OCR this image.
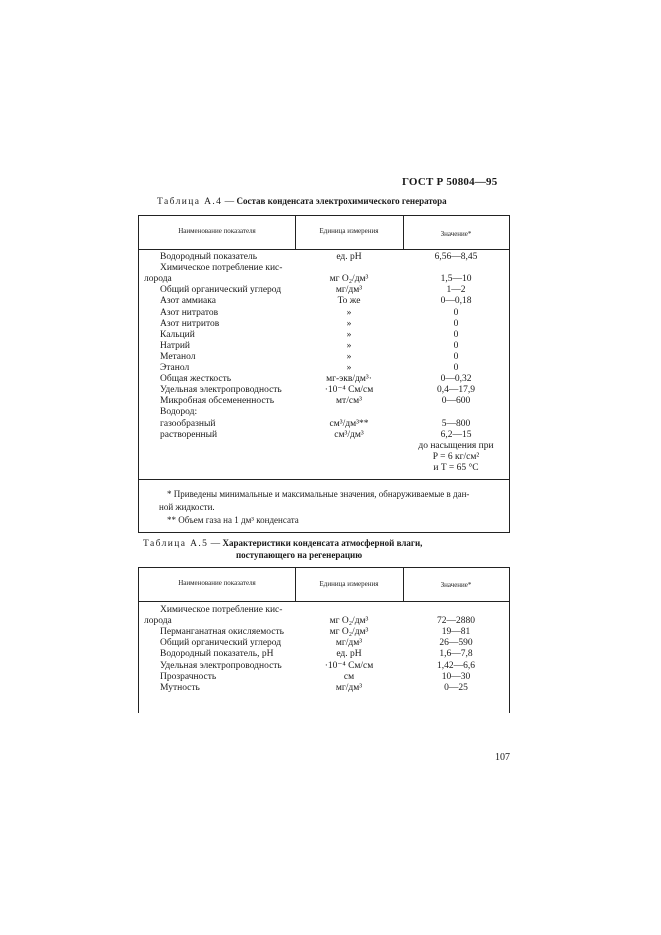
ГОСТ Р 50804—95
Таблица А.4 — Состав конденсата электрохимического генератора
Наименование показателя	Единица измерения	Значение*
Водородный показатель	ед. pH	6,56—8,45
Химическое потребление кис-
лорода	мг O₂/дм³	1,5—10
Общий органический углерод	мг/дм³	1—2
Азот аммиака	То же	0—0,18
Азот нитратов	»	0
Азот нитритов	»	0
Кальций	»	0
Натрий	»	0
Метанол	»	0
Этанол	»	0
Общая жесткость	мг-экв/дм³·	0—0,32
Удельная электропроводность	·10⁻⁴ См/см	0,4—17,9
Микробная обсемененность	мт/см³	0—600
Водород:
газообразный	см³/дм³**	5—800
растворенный	см³/дм³	6,2—15
до насыщения при
P = 6 кг/см²
и T = 65 °C
* Приведены минимальные и максимальные значения, обнаруживаемые в дан-
ной жидкости.
** Объем газа на 1 дм³ конденсата
Таблица А.5 — Характеристики конденсата атмосферной влаги,
поступающего на регенерацию
Наименование показателя	Единица измерения	Значение*
Химическое потребление кис-
лорода	мг O₂/дм³	72—2880
Перманганатная окисляемость	мг O₂/дм³	19—81
Общий органический углерод	мг/дм³	26—590
Водородный показатель, pH	ед. pH	1,6—7,8
Удельная электропроводность	·10⁻⁴ См/см	1,42—6,6
Прозрачность	см	10—30
Мутность	мг/дм³	0—25
107
